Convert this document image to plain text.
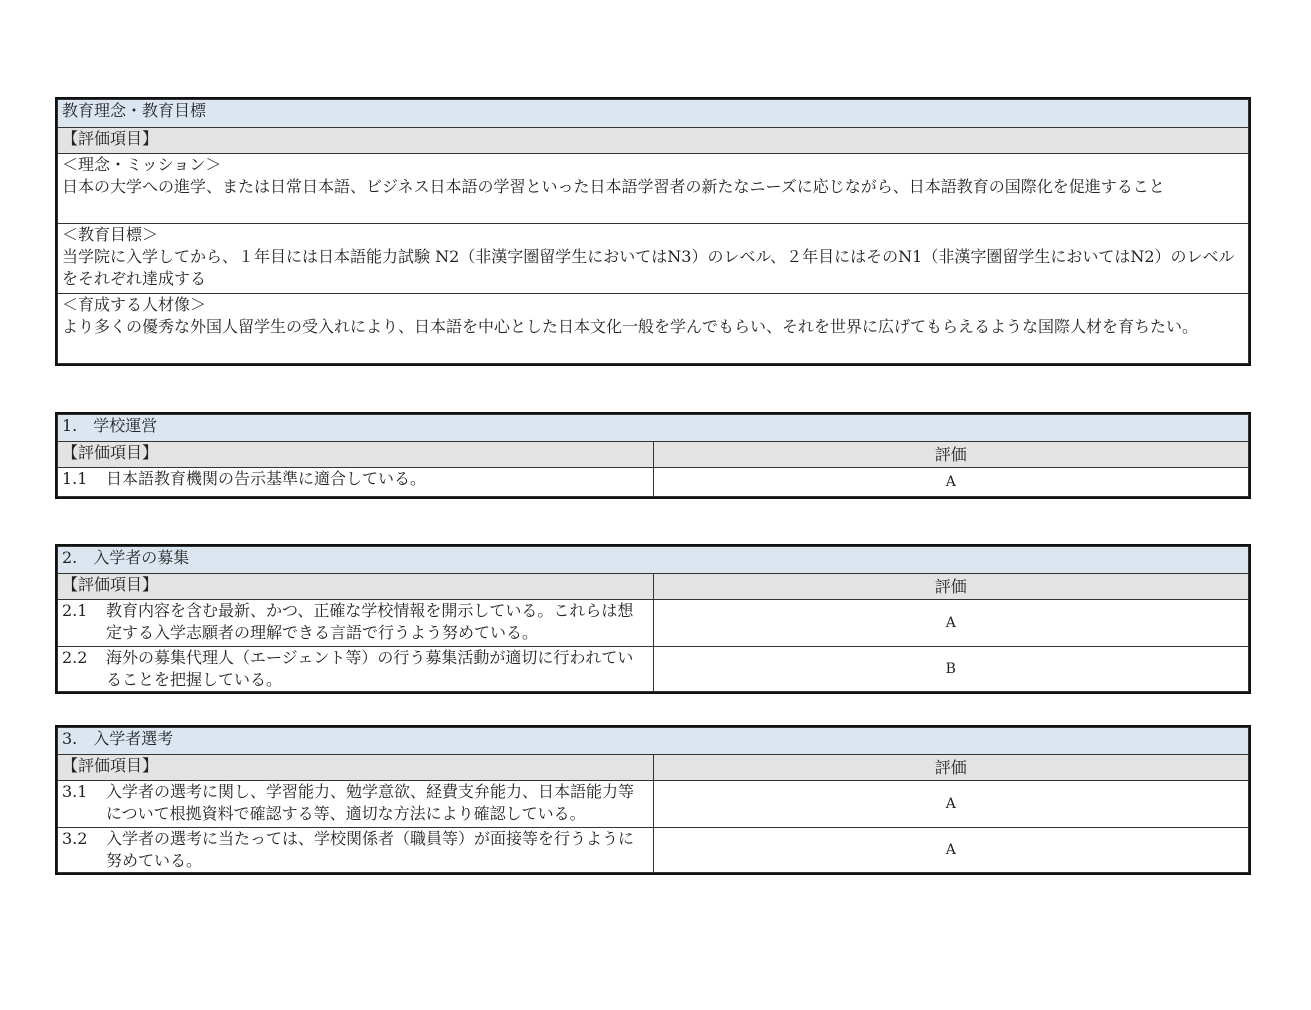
教育理念・教育目標
【評価項目】

＜理念・ミッション＞
日本の大学への進学、または日常日本語、ビジネス日本語の学習といった日本語学習者の新たなニーズに応じながら、日本語教育の国際化を促進すること

＜教育目標＞
当学院に入学してから、１年目には日本語能力試験 N2（非漢字圏留学生においてはN3）のレベル、２年目にはそのN1（非漢字圏留学生においてはN2）のレベルをそれぞれ達成する

＜育成する人材像＞
より多くの優秀な外国人留学生の受入れにより、日本語を中心とした日本文化一般を学んでもらい、それを世界に広げてもらえるような国際人材を育ちたい。
1.　学校運営	
【評価項目】	評価

1.1 日本語教育機関の告示基準に適合している。	A
2.　入学者の募集	
【評価項目】	評価

2.1 教育内容を含む最新、かつ、正確な学校情報を開示している。これらは想定する入学志願者の理解できる言語で行うよう努めている。	A

2.2 海外の募集代理人（エージェント等）の行う募集活動が適切に行われていることを把握している。	B
3.　入学者選考	
【評価項目】	評価

3.1 入学者の選考に関し、学習能力、勉学意欲、経費支弁能力、日本語能力等について根拠資料で確認する等、適切な方法により確認している。	A

3.2 入学者の選考に当たっては、学校関係者（職員等）が面接等を行うように努めている。	A
